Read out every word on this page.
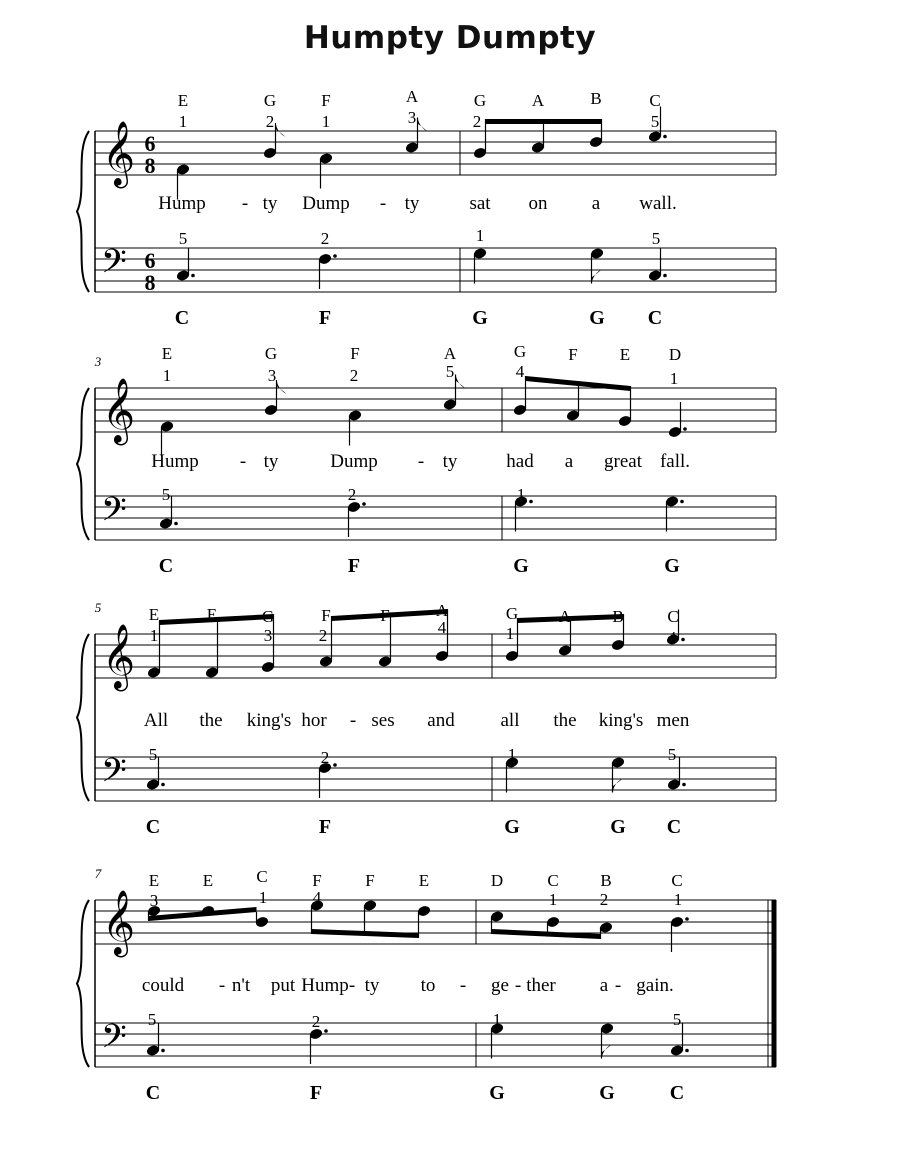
Humpty Dumpty
𝄞
𝄢
6
8
6
8
E	G	F	A	G	A	B	C
1	2	1	3	2	5
Hump - ty Dump - ty	sat on a wall.
5	2	1	5
C	F	G	G C
𝄞
𝄢
3	E	G	F	A	G F E D
1	3	2	5	4	1
Hump - ty	Dump - ty	had a great fall.
5	2	1
C	F	G	G
𝄞
𝄢
5	E	E	G	F	F	A	G A B	C
1	3	2	4	1	4
All the king's hor - ses and all the king's men
5	2	1	5
C	F	G	G C
𝄞
𝄢
7	E	E	C	F	F	E	D	C B	C
3	1	4	1	2	1
could - n't put Hump - ty to - ge - ther a - gain.
5	2	1	5
C	F	G	G	C
